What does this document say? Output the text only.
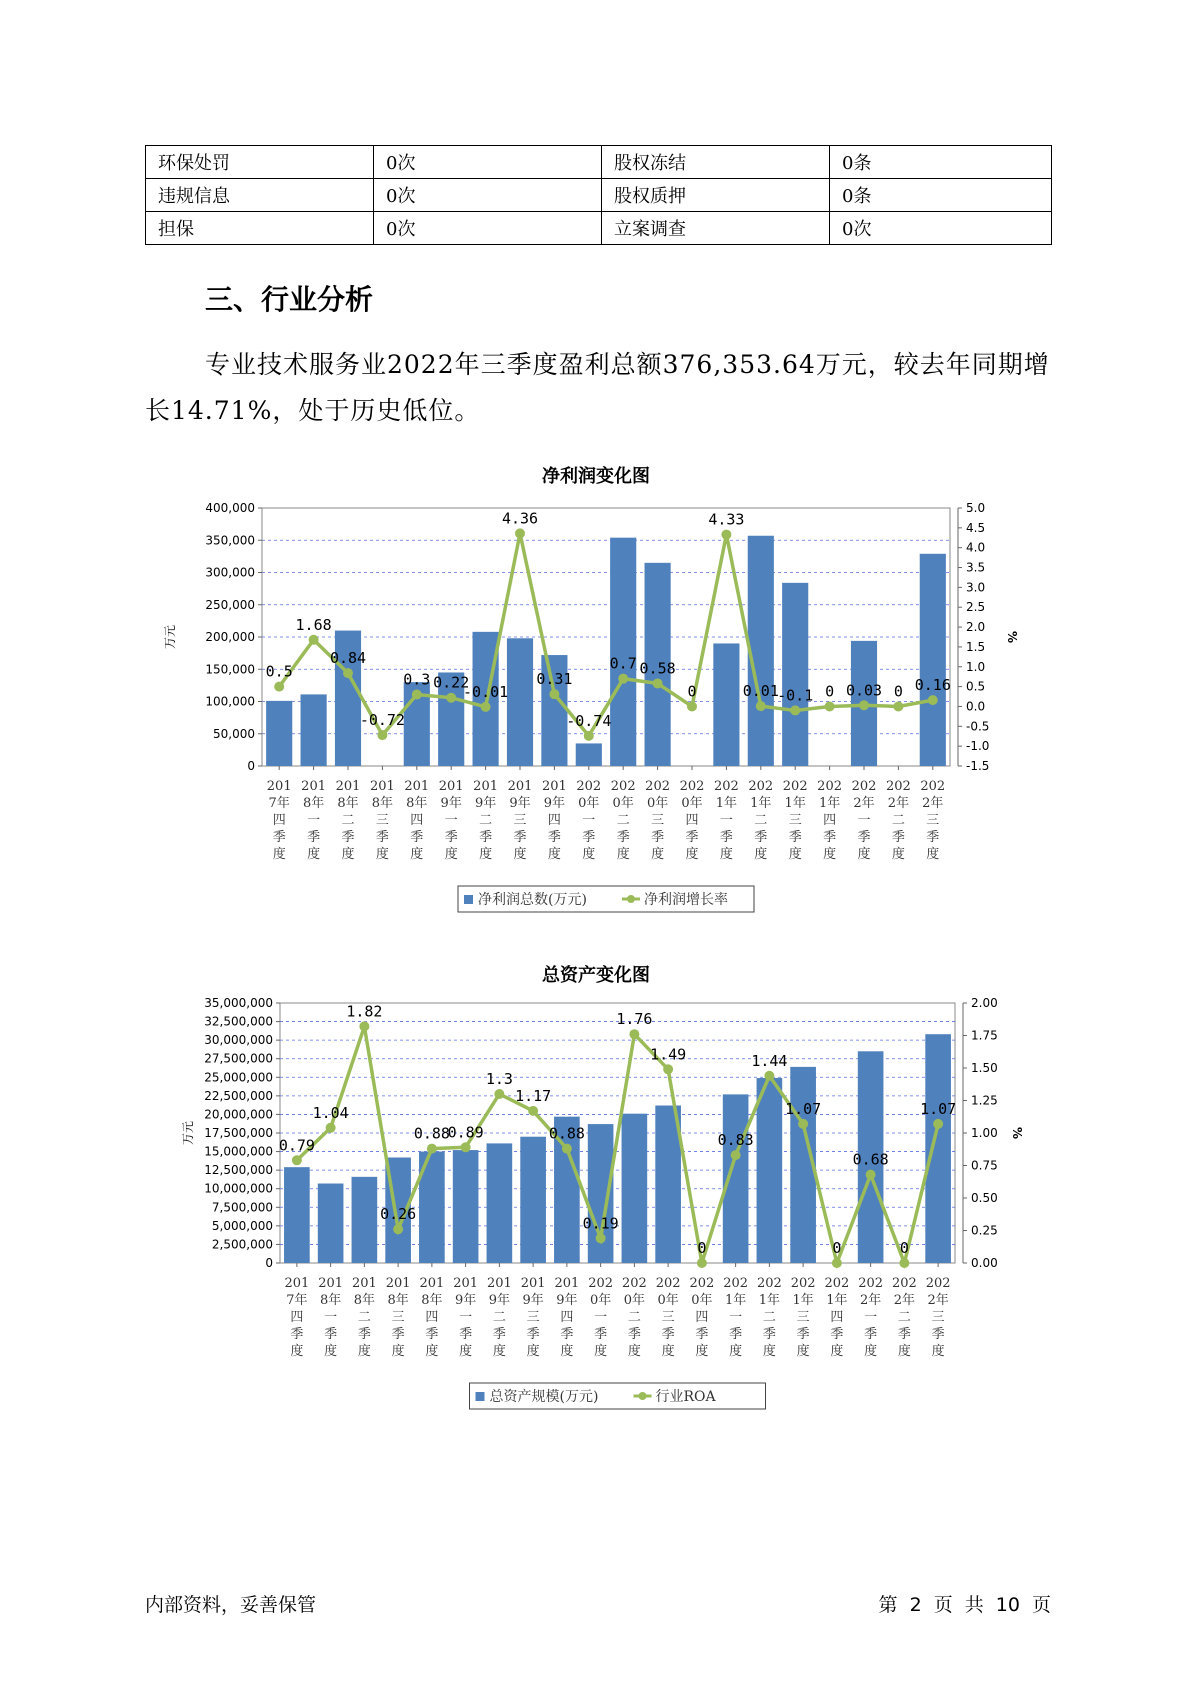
环保处罚	0次	股权冻结	0条
违规信息	0次	股权质押	0条
担保	0次	立案调查	0次
三、行业分析

专业技术服务业2022年三季度盈利总额376,353.64万元，较去年同期增长14.71%，处于历史低位。

净利润变化图
400,000
350,000
300,000
250,000
200,000
150,000
100,000
50,000
0
5.0
4.5
4.0
3.5
3.0
2.5
2.0
1.5
1.0
0.5
0.0
-0.5
-1.0
-1.5
万元	%
201
7年
四
季
度
201
8年
一
季
度
201
8年
二
季
度
201
8年
三
季
度
201
8年
四
季
度
201
9年
一
季
度
201
9年
二
季
度
201
9年
三
季
度
201
9年
四
季
度
202
0年
一
季
度
202
0年
二
季
度
202
0年
三
季
度
202
0年
四
季
度
202
1年
一
季
度
202
1年
二
季
度
202
1年
三
季
度
202
1年
四
季
度
202
2年
一
季
度
202
2年
二
季
度
202
2年
三
季
度
0.5
1.68
0.84
-0.72
0.3 0.22
-0.01
4.36
0.31
-0.74
0.7 0.58
0
4.33
0.01
-0.1 0 0.03 0 0.16
净利润总数(万元)	净利润增长率
总资产变化图
35,000,000
32,500,000
30,000,000
27,500,000
25,000,000
22,500,000
20,000,000
17,500,000
15,000,000
12,500,000
10,000,000
7,500,000
5,000,000
2,500,000
0
2.00
1.75
1.50
1.25
1.00
0.75
0.50
0.25
0.00
万元	%
201
7年
四
季
度
201
8年
一
季
度
201
8年
二
季
度
201
8年
三
季
度
201
8年
四
季
度
201
9年
一
季
度
201
9年
二
季
度
201
9年
三
季
度
201
9年
四
季
度
202
0年
一
季
度
202
0年
二
季
度
202
0年
三
季
度
202
0年
四
季
度
202
1年
一
季
度
202
1年
二
季
度
202
1年
三
季
度
202
1年
四
季
度
202
2年
一
季
度
202
2年
二
季
度
202
2年
三
季
度
0.79
1.04
1.82
0.26
0.88
0.89
1.3
1.17
0.88
0.19
1.76
1.49
0
0.83
1.44
1.07
0
0.68
0
1.07
总资产规模(万元)	行业ROA
内部资料，妥善保管	第 2 页 共 10 页
